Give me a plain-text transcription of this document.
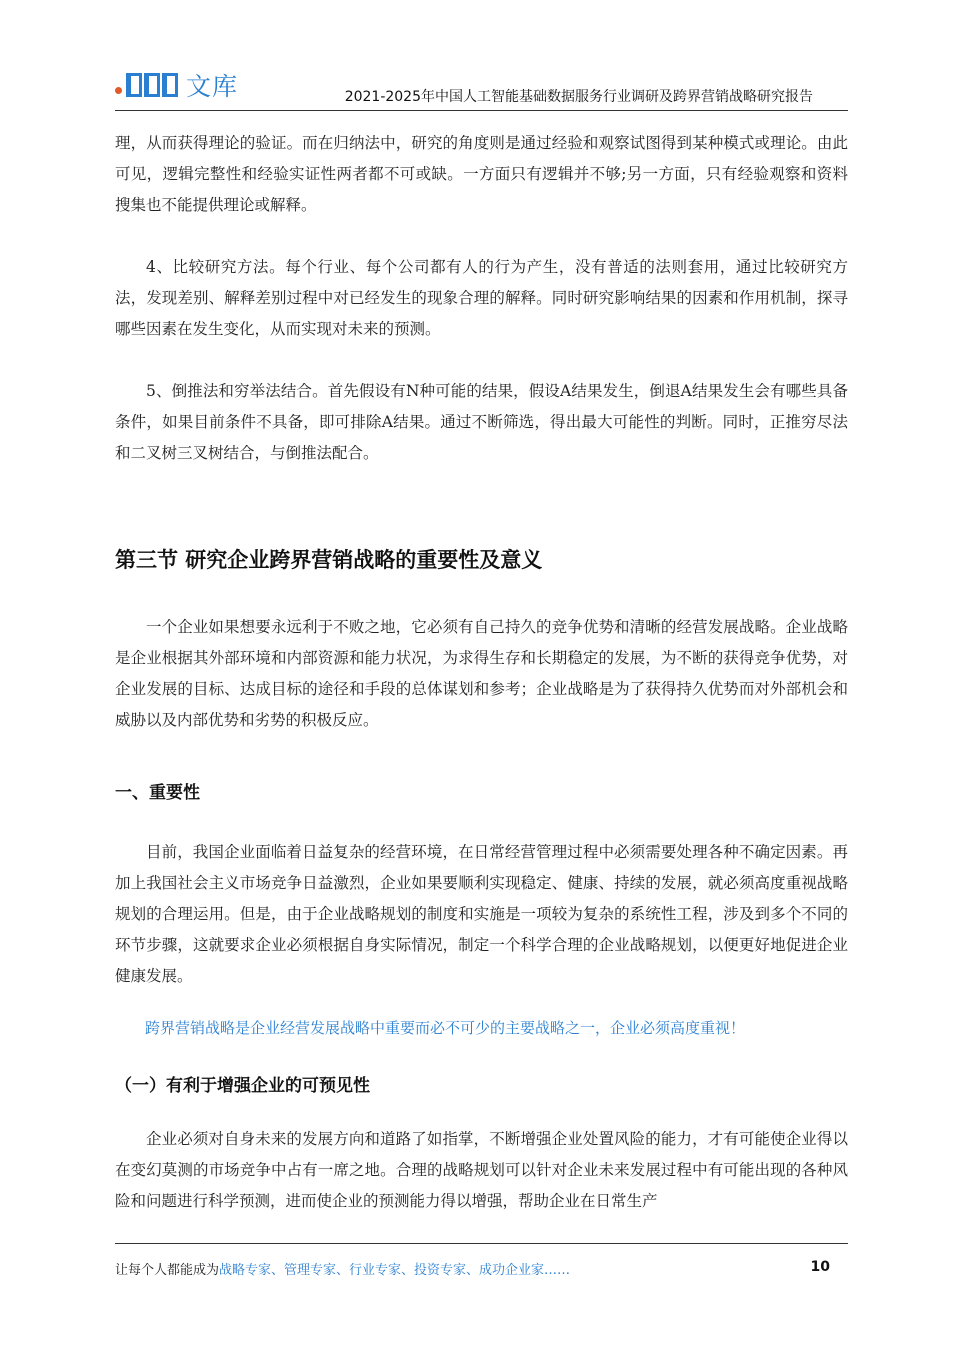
文库	2021-2025年中国人工智能基础数据服务行业调研及跨界营销战略研究报告

理，从而获得理论的验证。而在归纳法中，研究的角度则是通过经验和观察试图得到某种模式或理论。由此可见，逻辑完整性和经验实证性两者都不可或缺。一方面只有逻辑并不够;另一方面，只有经验观察和资料搜集也不能提供理论或解释。

4、比较研究方法。每个行业、每个公司都有人的行为产生，没有普适的法则套用，通过比较研究方法，发现差别、解释差别过程中对已经发生的现象合理的解释。同时研究影响结果的因素和作用机制，探寻哪些因素在发生变化，从而实现对未来的预测。

5、倒推法和穷举法结合。首先假设有N种可能的结果，假设A结果发生，倒退A结果发生会有哪些具备条件，如果目前条件不具备，即可排除A结果。通过不断筛选，得出最大可能性的判断。同时，正推穷尽法和二叉树三叉树结合，与倒推法配合。

第三节 研究企业跨界营销战略的重要性及意义

一个企业如果想要永远利于不败之地，它必须有自己持久的竞争优势和清晰的经营发展战略。企业战略是企业根据其外部环境和内部资源和能力状况，为求得生存和长期稳定的发展，为不断的获得竞争优势，对企业发展的目标、达成目标的途径和手段的总体谋划和参考；企业战略是为了获得持久优势而对外部机会和威胁以及内部优势和劣势的积极反应。

一、重要性

目前，我国企业面临着日益复杂的经营环境，在日常经营管理过程中必须需要处理各种不确定因素。再加上我国社会主义市场竞争日益激烈，企业如果要顺利实现稳定、健康、持续的发展，就必须高度重视战略规划的合理运用。但是，由于企业战略规划的制度和实施是一项较为复杂的系统性工程，涉及到多个不同的环节步骤，这就要求企业必须根据自身实际情况，制定一个科学合理的企业战略规划，以便更好地促进企业健康发展。

跨界营销战略是企业经营发展战略中重要而必不可少的主要战略之一，企业必须高度重视！

（一）有利于增强企业的可预见性

企业必须对自身未来的发展方向和道路了如指掌，不断增强企业处置风险的能力，才有可能使企业得以在变幻莫测的市场竞争中占有一席之地。合理的战略规划可以针对企业未来发展过程中有可能出现的各种风险和问题进行科学预测，进而使企业的预测能力得以增强，帮助企业在日常生产

让每个人都能成为战略专家、管理专家、行业专家、投资专家、成功企业家……	10
